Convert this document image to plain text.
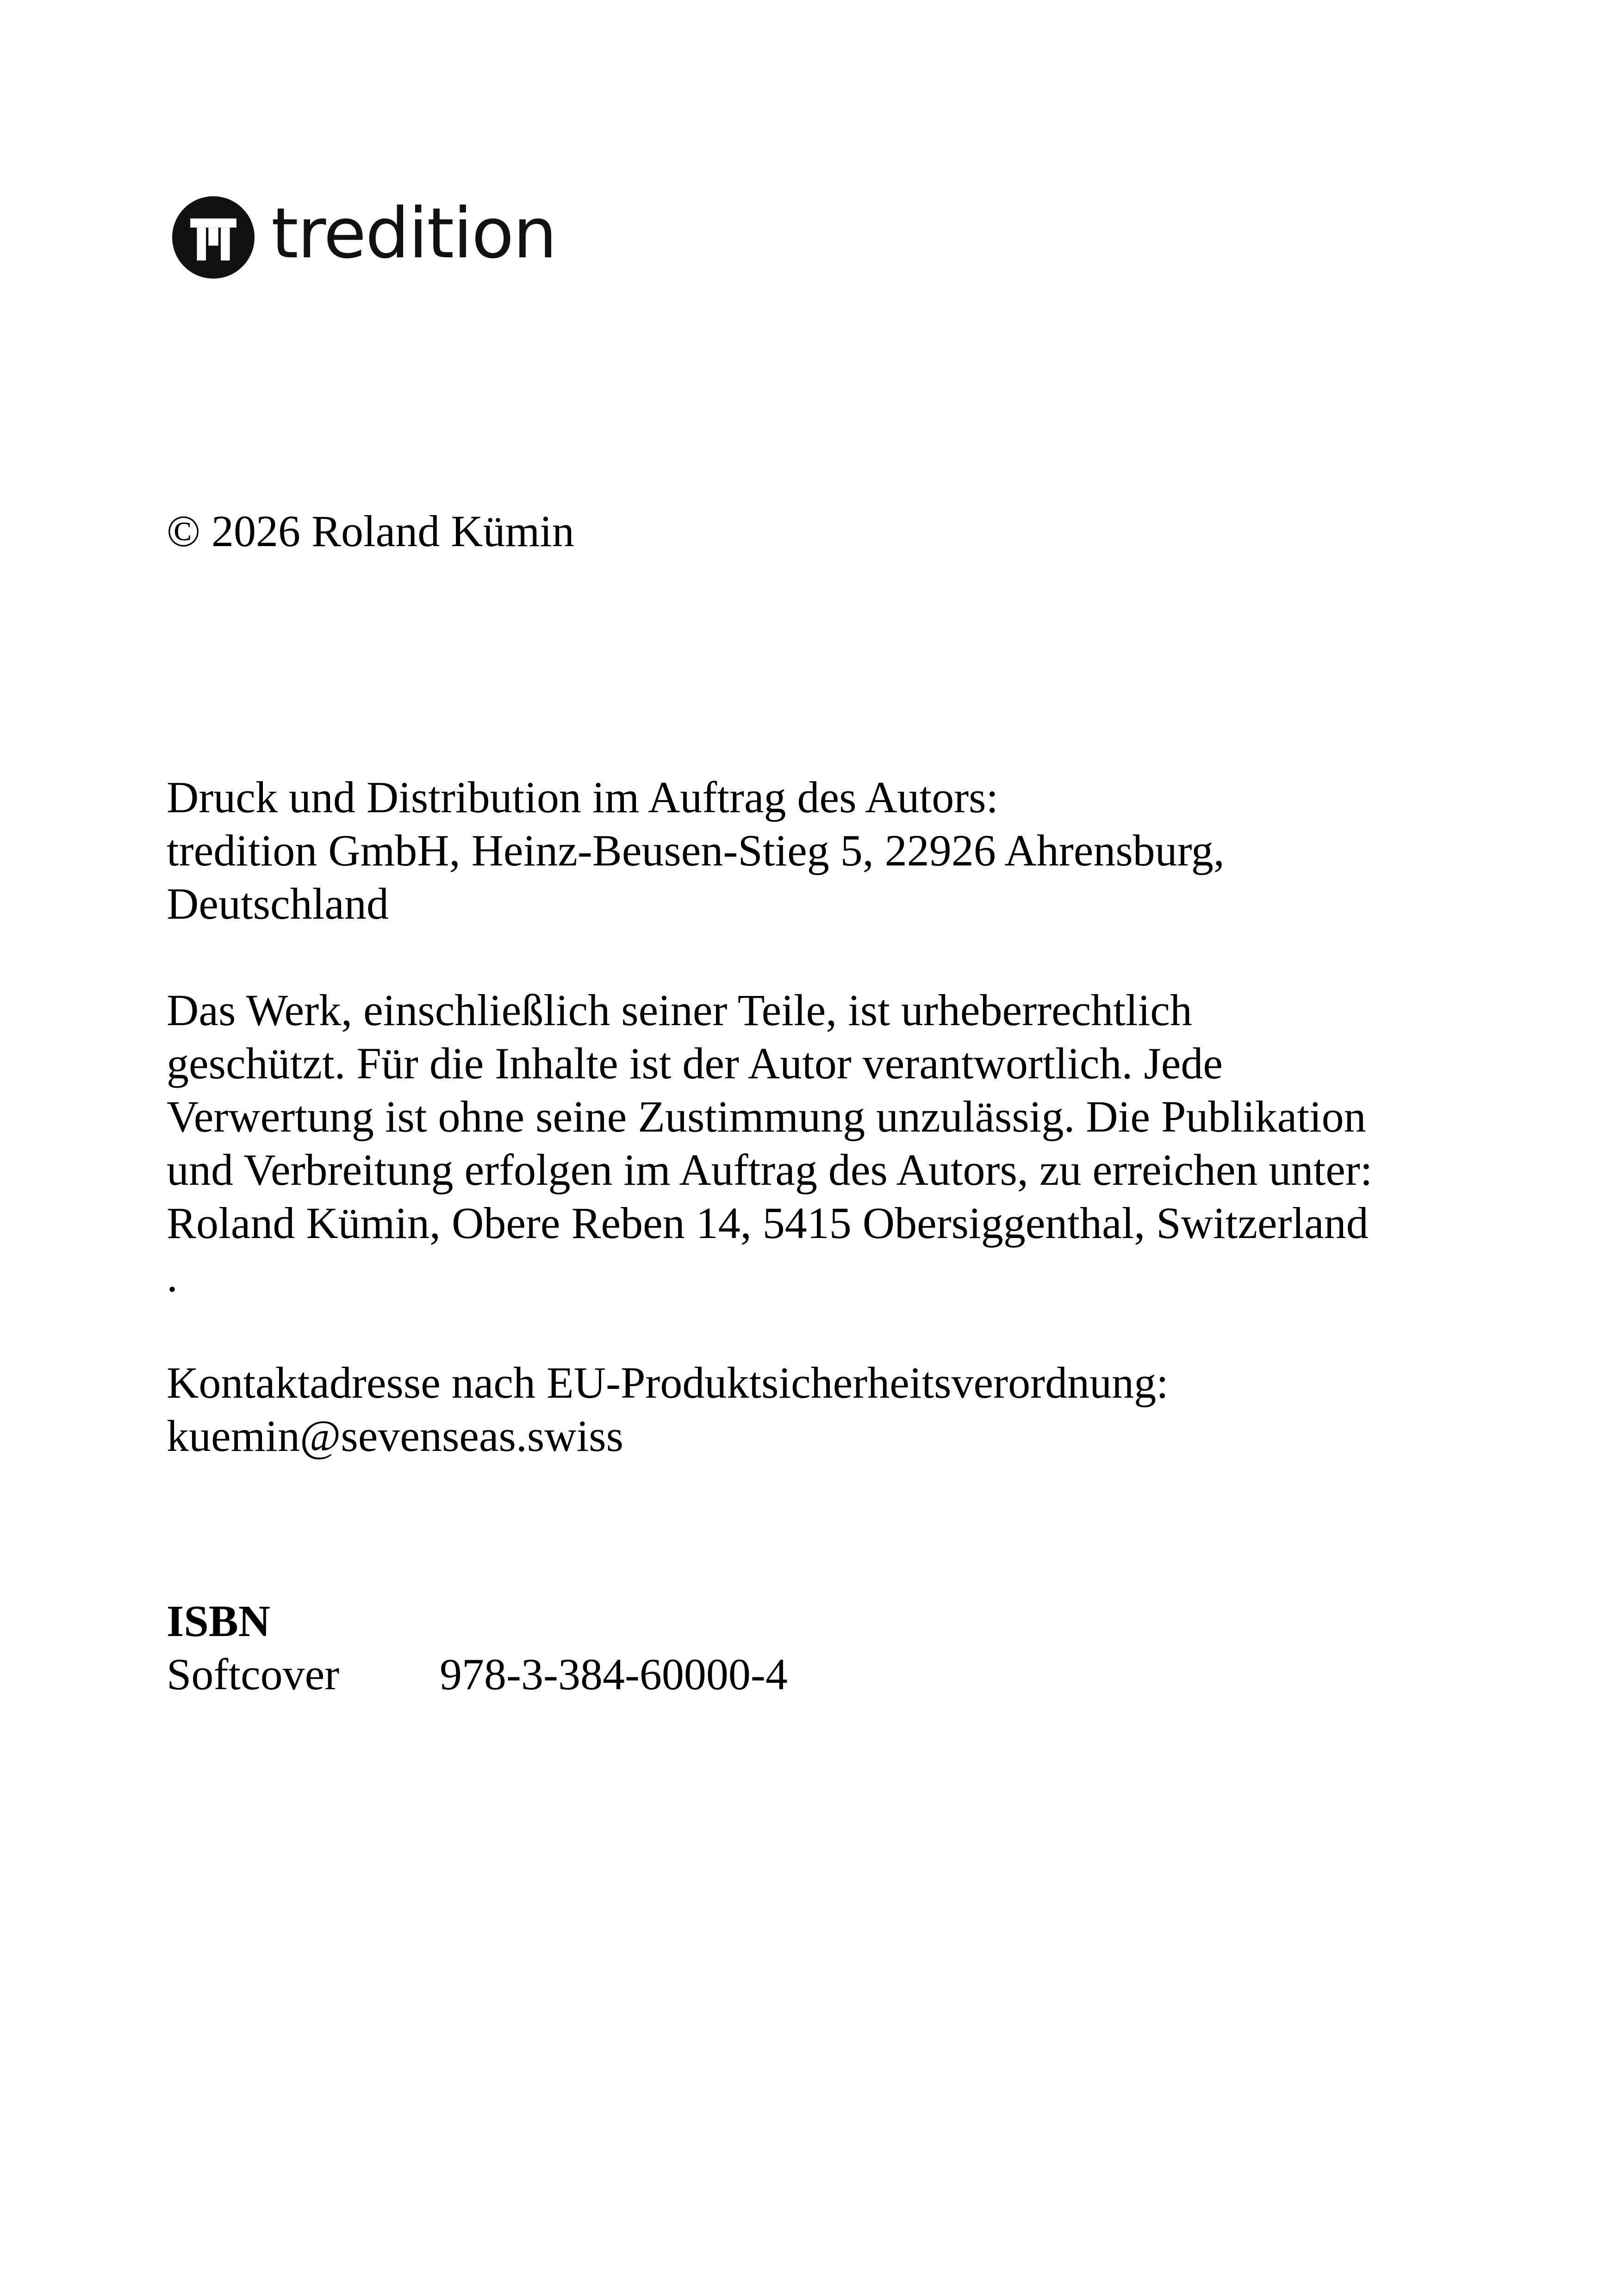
tredition
© 2026 Roland Kümin
Druck und Distribution im Auftrag des Autors:
tredition GmbH, Heinz-Beusen-Stieg 5, 22926 Ahrensburg,
Deutschland
Das Werk, einschließlich seiner Teile, ist urheberrechtlich
geschützt. Für die Inhalte ist der Autor verantwortlich. Jede
Verwertung ist ohne seine Zustimmung unzulässig. Die Publikation
und Verbreitung erfolgen im Auftrag des Autors, zu erreichen unter:
Roland Kümin, Obere Reben 14, 5415 Obersiggenthal, Switzerland
.
Kontaktadresse nach EU-Produktsicherheitsverordnung:
kuemin@sevenseas.swiss
ISBN
Softcover	978-3-384-60000-4
